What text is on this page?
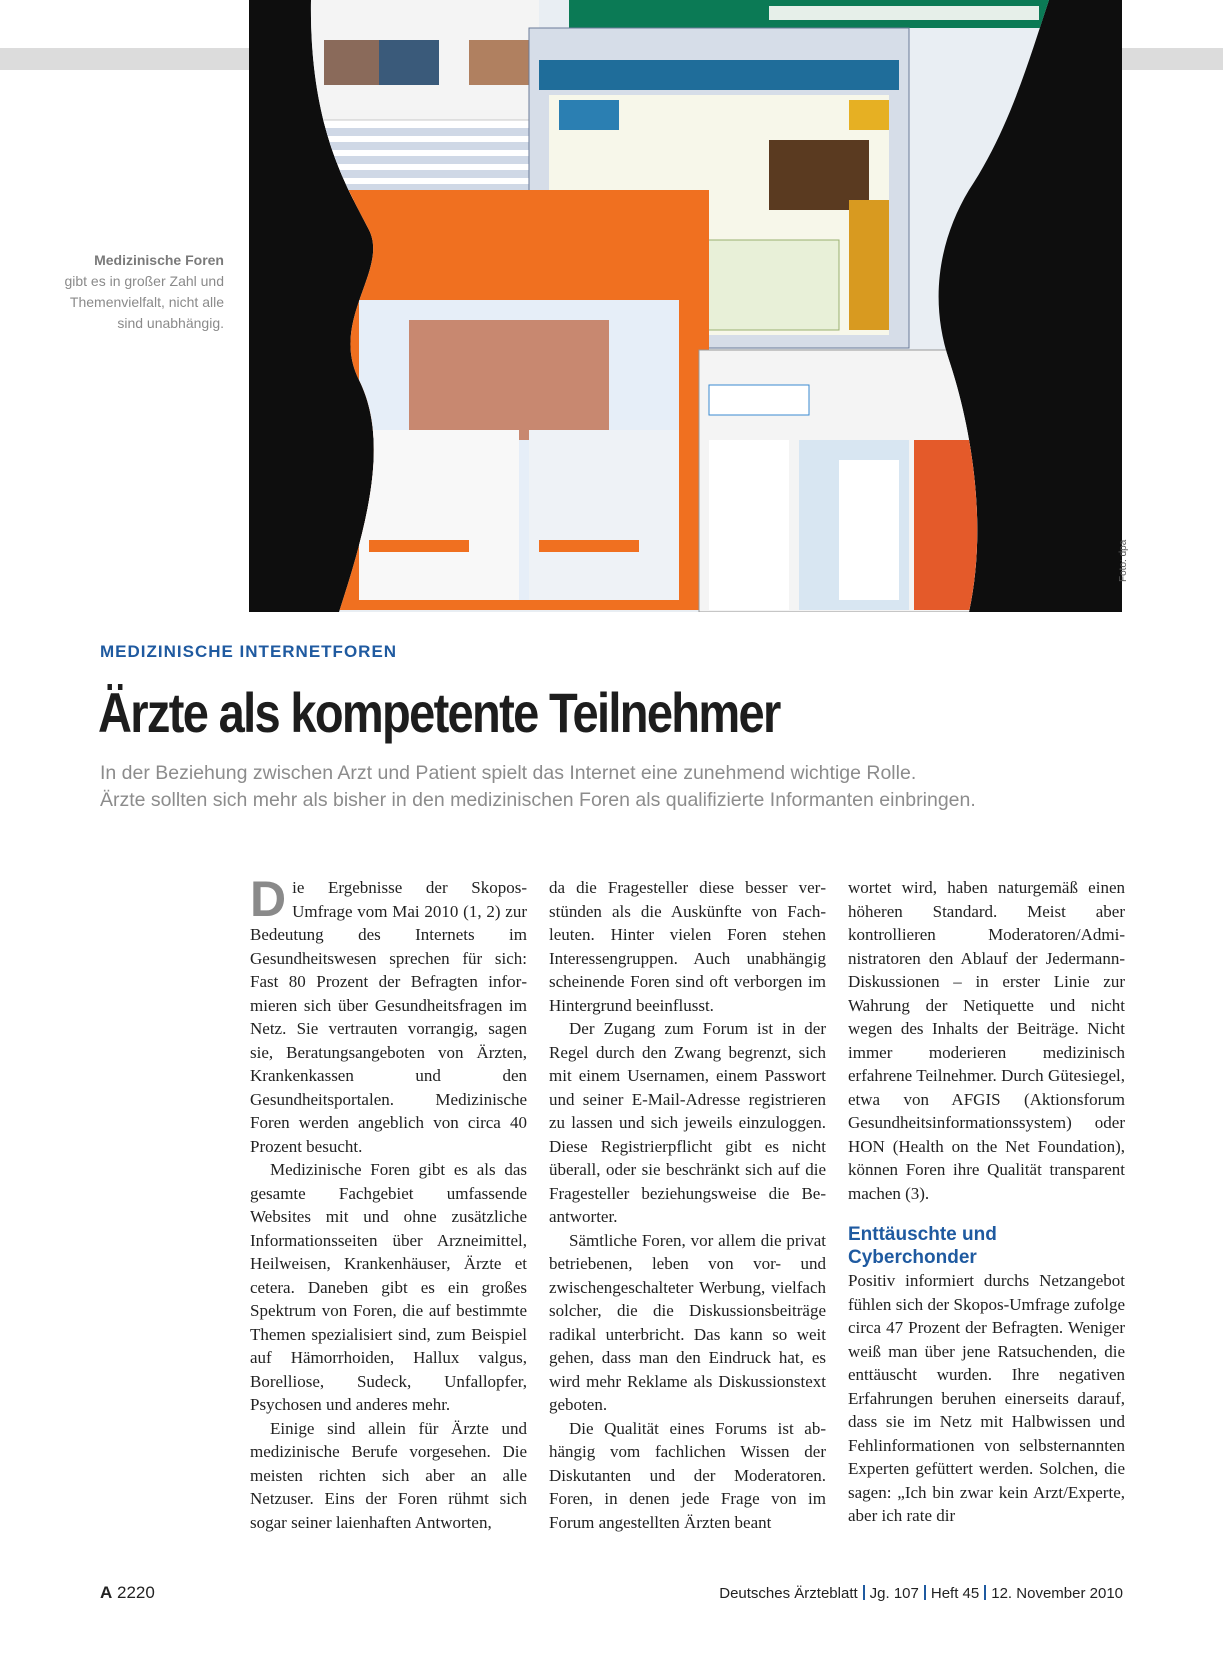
Foto: dpa
Medizinische Foren
gibt es in großer Zahl und Themenvielfalt, nicht alle sind unabhängig.
MEDIZINISCHE INTERNETFOREN
Ärzte als kompetente Teilnehmer
In der Beziehung zwischen Arzt und Patient spielt das Internet eine zunehmend wichtige Rolle.
Ärzte sollten sich mehr als bisher in den medizinischen Foren als qualifizierte Informanten einbringen.

Die Ergebnisse der Skopos-Umfrage vom Mai 2010 (1, 2) zur Bedeutung des Internets im Gesundheitswesen sprechen für sich: Fast 80 Prozent der Befragten informieren sich über Gesundheitsfragen im Netz. Sie vertrauten vorrangig, sagen sie, Beratungsangeboten von Ärzten, Krankenkassen und den Gesundheitsportalen. Medizinische Foren werden angeblich von circa 40 Prozent besucht.

Medizinische Foren gibt es als das gesamte Fachgebiet umfassende Websites mit und ohne zusätzliche Informationsseiten über Arzneimittel, Heilweisen, Krankenhäuser, Ärzte et cetera. Daneben gibt es ein großes Spektrum von Foren, die auf bestimmte Themen spezialisiert sind, zum Beispiel auf Hämorrhoiden, Hallux valgus, Borelliose, Sudeck, Unfallopfer, Psychosen und anderes mehr.

Einige sind allein für Ärzte und medizinische Berufe vorgesehen. Die meisten richten sich aber an alle Netzuser. Eins der Foren rühmt sich sogar seiner laienhaften Antworten,

da die Fragesteller diese besser verstünden als die Auskünfte von Fachleuten. Hinter vielen Foren stehen Interessengruppen. Auch unabhängig scheinende Foren sind oft verborgen im Hintergrund beeinflusst.

Der Zugang zum Forum ist in der Regel durch den Zwang begrenzt, sich mit einem Usernamen, einem Passwort und seiner E-Mail-Adresse registrieren zu lassen und sich jeweils einzuloggen. Diese Registrierpflicht gibt es nicht überall, oder sie beschränkt sich auf die Fragesteller beziehungsweise die Beantworter.

Sämtliche Foren, vor allem die privat betriebenen, leben von vor- und zwischengeschalteter Werbung, vielfach solcher, die die Diskussionsbeiträge radikal unterbricht. Das kann so weit gehen, dass man den Eindruck hat, es wird mehr Reklame als Diskussionstext geboten.

Die Qualität eines Forums ist abhängig vom fachlichen Wissen der Diskutanten und der Moderatoren. Foren, in denen jede Frage von im Forum angestellten Ärzten beant

wortet wird, haben naturgemäß einen höheren Standard. Meist aber kontrollieren Moderatoren/Administratoren den Ablauf der Jedermann-Diskussionen – in erster Linie zur Wahrung der Netiquette und nicht wegen des Inhalts der Beiträge. Nicht immer moderieren medizinisch erfahrene Teilnehmer. Durch Gütesiegel, etwa von AFGIS (Aktionsforum Gesundheitsinformationssystem) oder HON (Health on the Net Foundation), können Foren ihre Qualität transparent machen (3).

Enttäuschte und Cyberchonder

Positiv informiert durchs Netzangebot fühlen sich der Skopos-Umfrage zufolge circa 47 Prozent der Befragten. Weniger weiß man über jene Ratsuchenden, die enttäuscht wurden. Ihre negativen Erfahrungen beruhen einerseits darauf, dass sie im Netz mit Halbwissen und Fehlinformationen von selbsternannten Experten gefüttert werden. Solchen, die sagen: „Ich bin zwar kein Arzt/Experte, aber ich rate dir

A 2220	Deutsches Ärzteblatt Jg. 107 Heft 45 12. November 2010
